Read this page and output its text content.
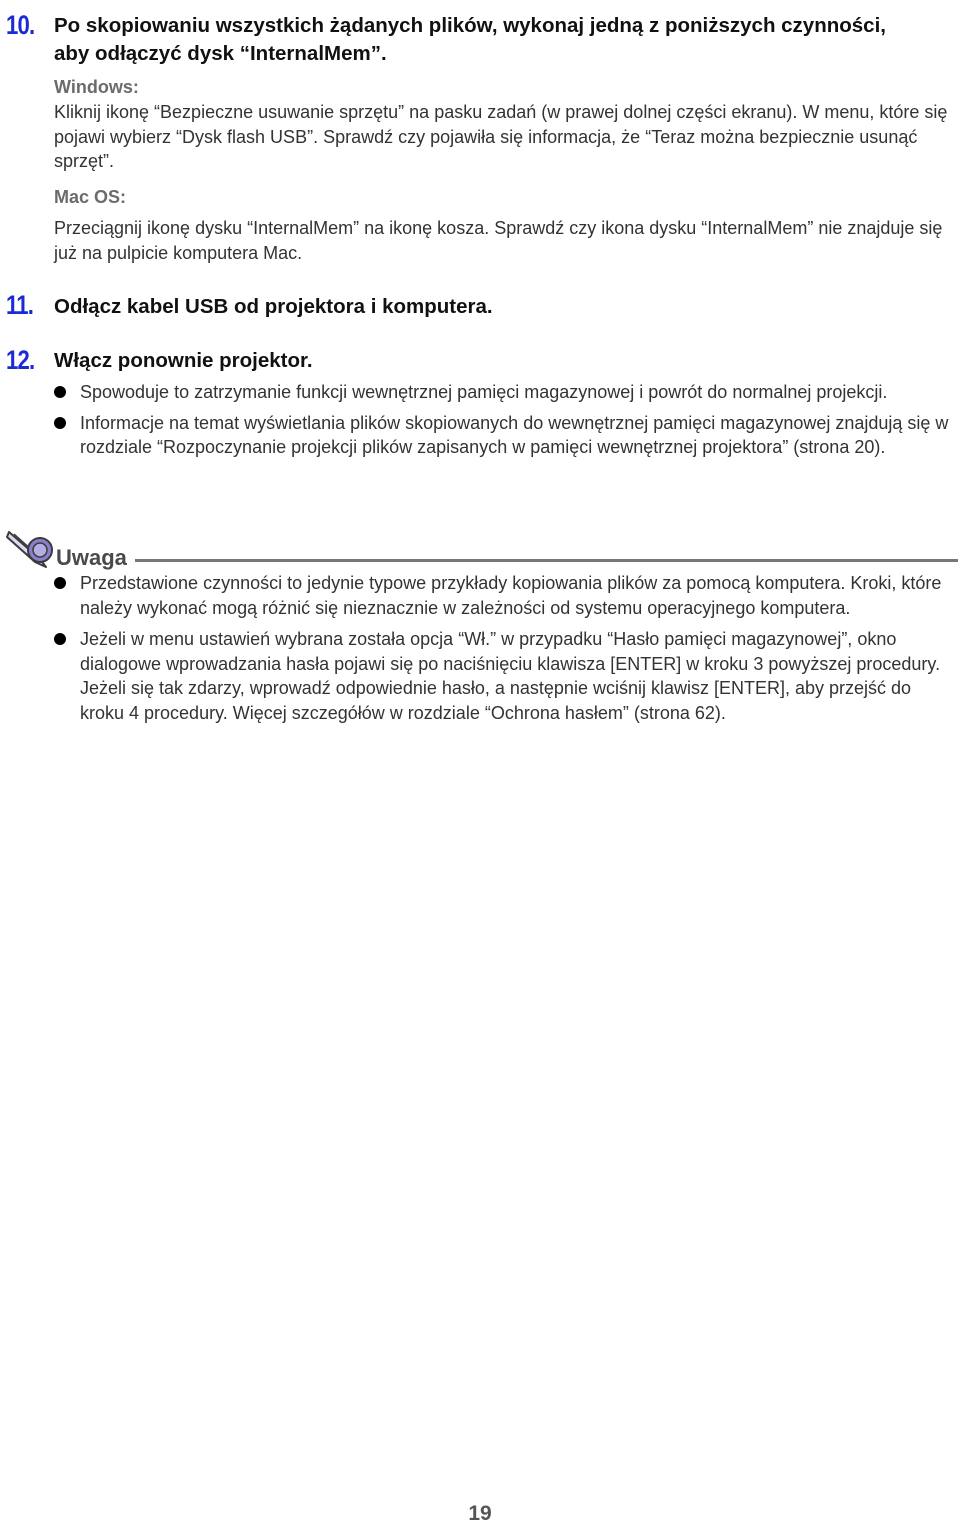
10. Po skopiowaniu wszystkich żądanych plików, wykonaj jedną z poniższych czynności, aby odłączyć dysk “InternalMem”.
Windows:
Kliknij ikonę “Bezpieczne usuwanie sprzętu” na pasku zadań (w prawej dolnej części ekranu). W menu, które się pojawi wybierz “Dysk flash USB”. Sprawdź czy pojawiła się informacja, że “Teraz można bezpiecznie usunąć sprzęt”.
Mac OS:
Przeciągnij ikonę dysku “InternalMem” na ikonę kosza. Sprawdź czy ikona dysku “InternalMem” nie znajduje się już na pulpicie komputera Mac.
11. Odłącz kabel USB od projektora i komputera.
12. Włącz ponownie projektor.
Spowoduje to zatrzymanie funkcji wewnętrznej pamięci magazynowej i powrót do normalnej projekcji.
Informacje na temat wyświetlania plików skopiowanych do wewnętrznej pamięci magazynowej znajdują się w rozdziale “Rozpoczynanie projekcji plików zapisanych w pamięci wewnętrznej projektora” (strona 20).
Uwaga
Przedstawione czynności to jedynie typowe przykłady kopiowania plików za pomocą komputera. Kroki, które należy wykonać mogą różnić się nieznacznie w zależności od systemu operacyjnego komputera.
Jeżeli w menu ustawień wybrana została opcja “Wł.” w przypadku “Hasło pamięci magazynowej”, okno dialogowe wprowadzania hasła pojawi się po naciśnięciu klawisza [ENTER] w kroku 3 powyższej procedury. Jeżeli się tak zdarzy, wprowadź odpowiednie hasło, a następnie wciśnij klawisz [ENTER], aby przejść do kroku 4 procedury. Więcej szczegółów w rozdziale “Ochrona hasłem” (strona 62).
19
